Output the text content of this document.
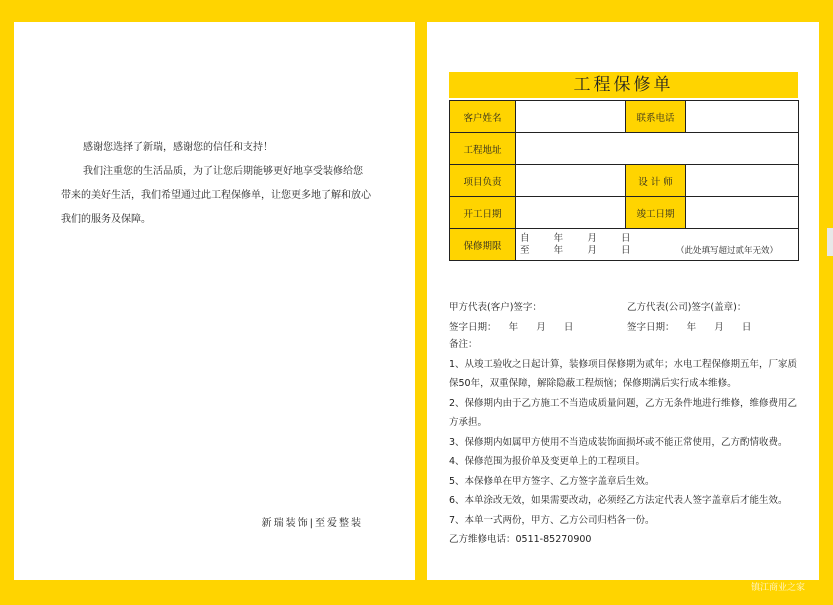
感谢您选择了新瑞，感谢您的信任和支持！

我们注重您的生活品质，为了让您后期能够更好地享受装修给您带来的美好生活，我们希望通过此工程保修单，让您更多地了解和放心我们的服务及保障。

新瑞装饰|至爱整装
工程保修单
客户姓名		联系电话	
工程地址			
项目负责		设 计 师	
开工日期		竣工日期	
保修期限	自        年        月        日
至        年        月        日 （此处填写超过贰年无效）		
甲方代表(客户)签字：	乙方代表(公司)签字(盖章)：
签字日期：    年      月      日	签字日期：    年      月      日
备注：
1、从竣工验收之日起计算，装修项目保修期为贰年；水电工程保修期五年，厂家质保50年，双重保障，解除隐蔽工程烦恼；保修期满后实行成本维修。
2、保修期内由于乙方施工不当造成质量问题，乙方无条件地进行维修，维修费用乙方承担。
3、保修期内如属甲方使用不当造成装饰面损坏或不能正常使用，乙方酌情收费。
4、保修范围为报价单及变更单上的工程项目。
5、本保修单在甲方签字、乙方签字盖章后生效。
6、本单涂改无效，如果需要改动，必须经乙方法定代表人签字盖章后才能生效。
7、本单一式两份，甲方、乙方公司归档各一份。
乙方维修电话：0511-85270900
镇江商业之家
